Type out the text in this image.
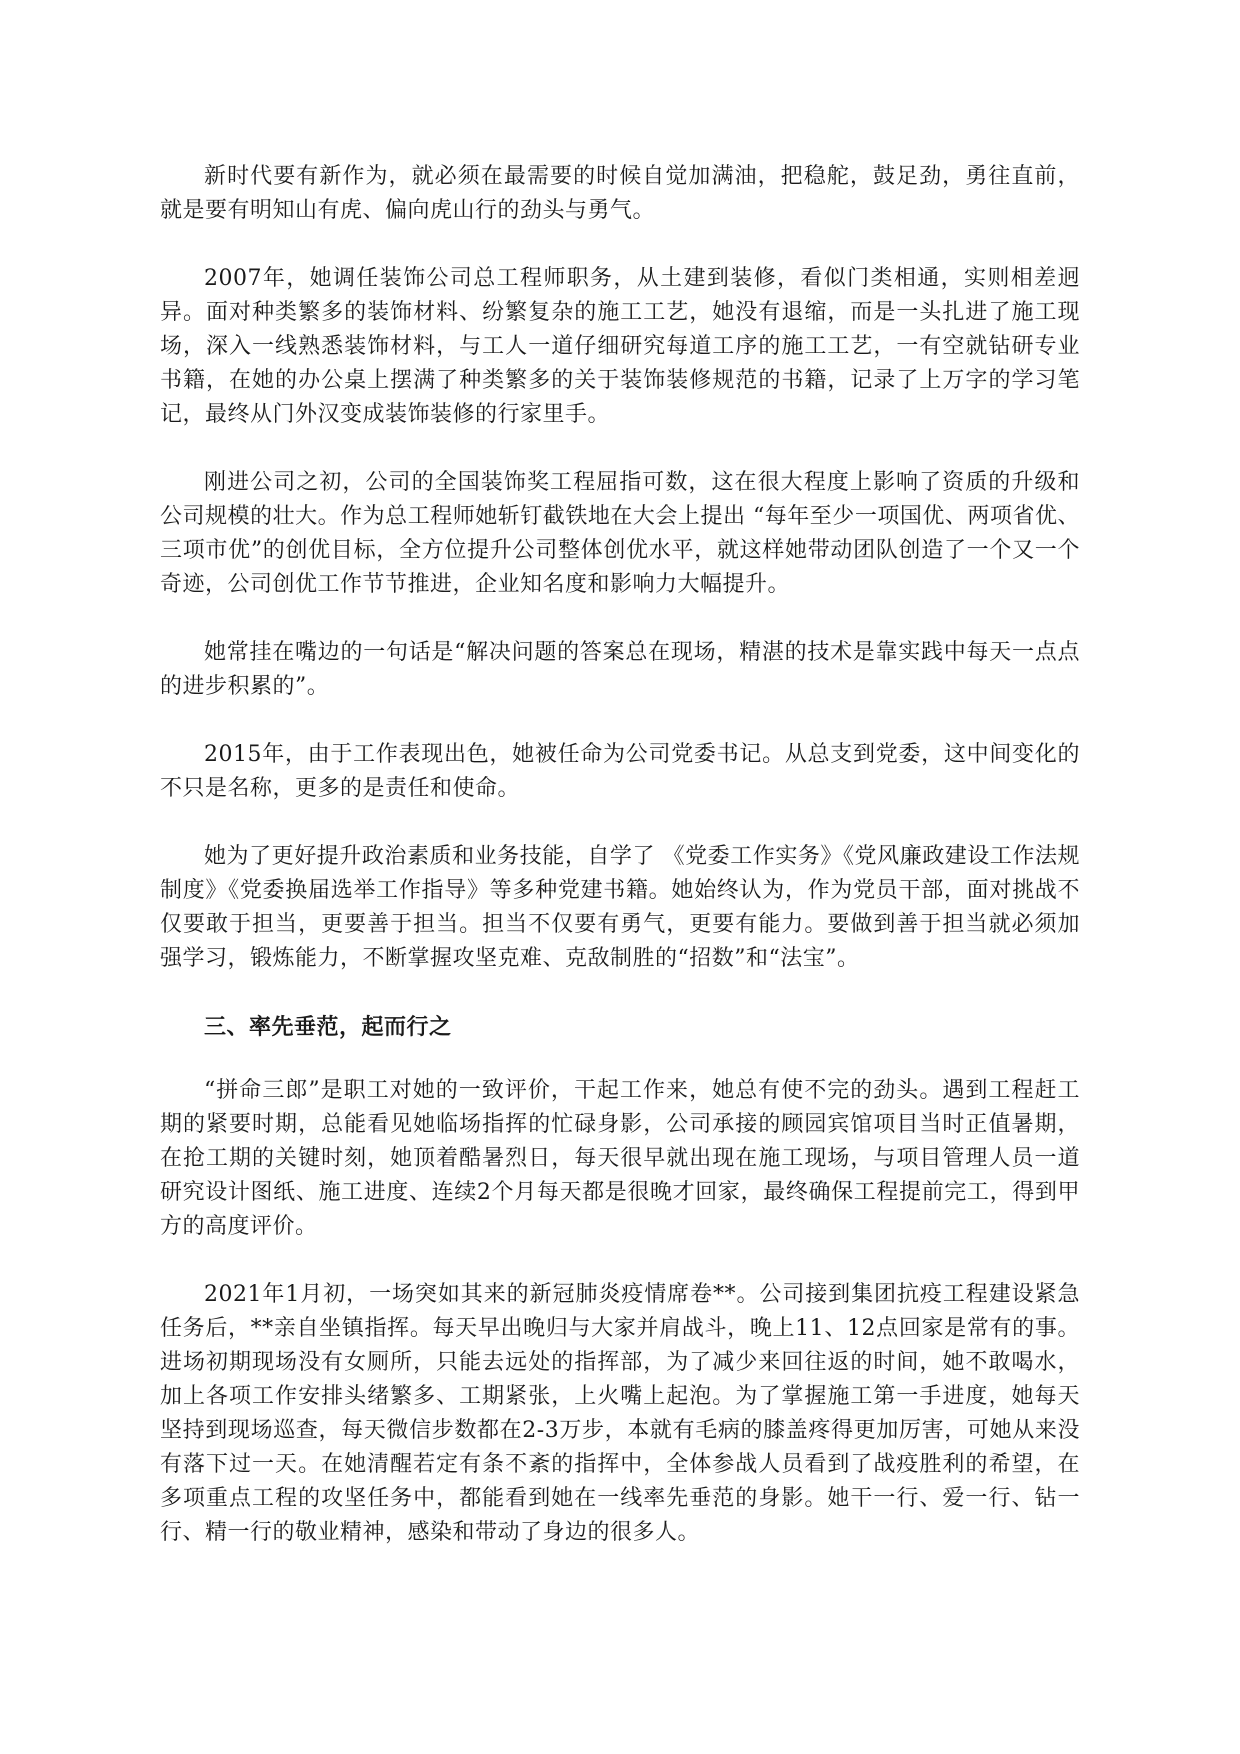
新时代要有新作为，就必须在最需要的时候自觉加满油，把稳舵，鼓足劲，勇往直前，就是要有明知山有虎、偏向虎山行的劲头与勇气。

2007年，她调任装饰公司总工程师职务，从土建到装修，看似门类相通，实则相差迥异。面对种类繁多的装饰材料、纷繁复杂的施工工艺，她没有退缩，而是一头扎进了施工现场，深入一线熟悉装饰材料，与工人一道仔细研究每道工序的施工工艺，一有空就钻研专业书籍，在她的办公桌上摆满了种类繁多的关于装饰装修规范的书籍，记录了上万字的学习笔记，最终从门外汉变成装饰装修的行家里手。

刚进公司之初，公司的全国装饰奖工程屈指可数，这在很大程度上影响了资质的升级和公司规模的壮大。作为总工程师她斩钉截铁地在大会上提出 “每年至少一项国优、两项省优、三项市优”的创优目标，全方位提升公司整体创优水平，就这样她带动团队创造了一个又一个奇迹，公司创优工作节节推进，企业知名度和影响力大幅提升。

她常挂在嘴边的一句话是“解决问题的答案总在现场，精湛的技术是靠实践中每天一点点的进步积累的”。

2015年，由于工作表现出色，她被任命为公司党委书记。从总支到党委，这中间变化的不只是名称，更多的是责任和使命。

她为了更好提升政治素质和业务技能，自学了 《党委工作实务》《党风廉政建设工作法规制度》《党委换届选举工作指导》等多种党建书籍。她始终认为，作为党员干部，面对挑战不仅要敢于担当，更要善于担当。担当不仅要有勇气，更要有能力。要做到善于担当就必须加强学习，锻炼能力，不断掌握攻坚克难、克敌制胜的“招数”和“法宝”。

三、率先垂范，起而行之

“拼命三郎”是职工对她的一致评价，干起工作来，她总有使不完的劲头。遇到工程赶工期的紧要时期，总能看见她临场指挥的忙碌身影，公司承接的顾园宾馆项目当时正值暑期，在抢工期的关键时刻，她顶着酷暑烈日，每天很早就出现在施工现场，与项目管理人员一道研究设计图纸、施工进度、连续2个月每天都是很晚才回家，最终确保工程提前完工，得到甲方的高度评价。

2021年1月初，一场突如其来的新冠肺炎疫情席卷**。公司接到集团抗疫工程建设紧急任务后，**亲自坐镇指挥。每天早出晚归与大家并肩战斗，晚上11、12点回家是常有的事。进场初期现场没有女厕所，只能去远处的指挥部，为了减少来回往返的时间，她不敢喝水，加上各项工作安排头绪繁多、工期紧张，上火嘴上起泡。为了掌握施工第一手进度，她每天坚持到现场巡查，每天微信步数都在2-3万步，本就有毛病的膝盖疼得更加厉害，可她从来没有落下过一天。在她清醒若定有条不紊的指挥中，全体参战人员看到了战疫胜利的希望，在多项重点工程的攻坚任务中，都能看到她在一线率先垂范的身影。她干一行、爱一行、钻一行、精一行的敬业精神，感染和带动了身边的很多人。
